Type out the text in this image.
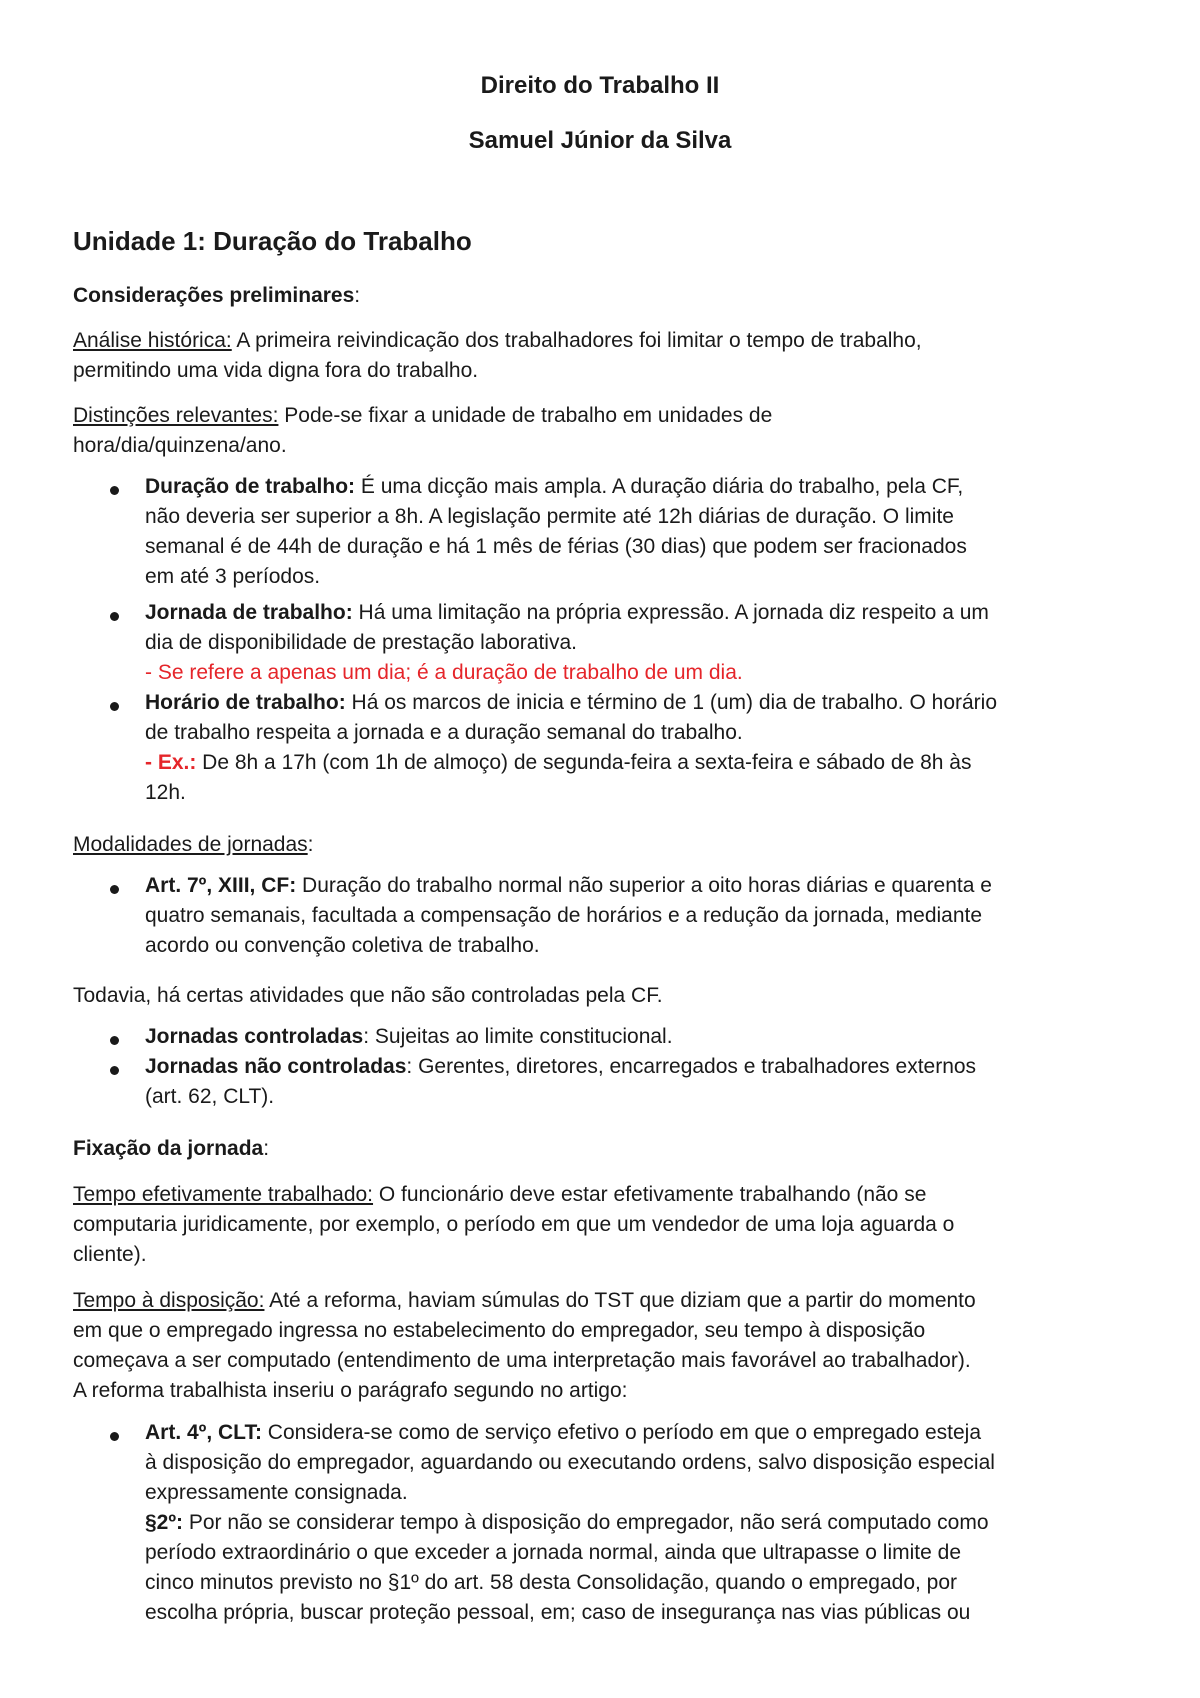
Direito do Trabalho II
Samuel Júnior da Silva
Unidade 1: Duração do Trabalho
Considerações preliminares:
Análise histórica: A primeira reivindicação dos trabalhadores foi limitar o tempo de trabalho,
permitindo uma vida digna fora do trabalho.
Distinções relevantes: Pode-se fixar a unidade de trabalho em unidades de
hora/dia/quinzena/ano.
Duração de trabalho: É uma dicção mais ampla. A duração diária do trabalho, pela CF,
não deveria ser superior a 8h. A legislação permite até 12h diárias de duração. O limite
semanal é de 44h de duração e há 1 mês de férias (30 dias) que podem ser fracionados
em até 3 períodos.
Jornada de trabalho: Há uma limitação na própria expressão. A jornada diz respeito a um
dia de disponibilidade de prestação laborativa.
- Se refere a apenas um dia; é a duração de trabalho de um dia.
Horário de trabalho: Há os marcos de inicia e término de 1 (um) dia de trabalho. O horário
de trabalho respeita a jornada e a duração semanal do trabalho.
- Ex.: De 8h a 17h (com 1h de almoço) de segunda-feira a sexta-feira e sábado de 8h às
12h.
Modalidades de jornadas:
Art. 7º, XIII, CF: Duração do trabalho normal não superior a oito horas diárias e quarenta e
quatro semanais, facultada a compensação de horários e a redução da jornada, mediante
acordo ou convenção coletiva de trabalho.
Todavia, há certas atividades que não são controladas pela CF.
Jornadas controladas: Sujeitas ao limite constitucional.
Jornadas não controladas: Gerentes, diretores, encarregados e trabalhadores externos
(art. 62, CLT).
Fixação da jornada:
Tempo efetivamente trabalhado: O funcionário deve estar efetivamente trabalhando (não se
computaria juridicamente, por exemplo, o período em que um vendedor de uma loja aguarda o
cliente).
Tempo à disposição: Até a reforma, haviam súmulas do TST que diziam que a partir do momento
em que o empregado ingressa no estabelecimento do empregador, seu tempo à disposição
começava a ser computado (entendimento de uma interpretação mais favorável ao trabalhador).
A reforma trabalhista inseriu o parágrafo segundo no artigo:
Art. 4º, CLT: Considera-se como de serviço efetivo o período em que o empregado esteja
à disposição do empregador, aguardando ou executando ordens, salvo disposição especial
expressamente consignada.
§2º: Por não se considerar tempo à disposição do empregador, não será computado como
período extraordinário o que exceder a jornada normal, ainda que ultrapasse o limite de
cinco minutos previsto no §1º do art. 58 desta Consolidação, quando o empregado, por
escolha própria, buscar proteção pessoal, em; caso de insegurança nas vias públicas ou
